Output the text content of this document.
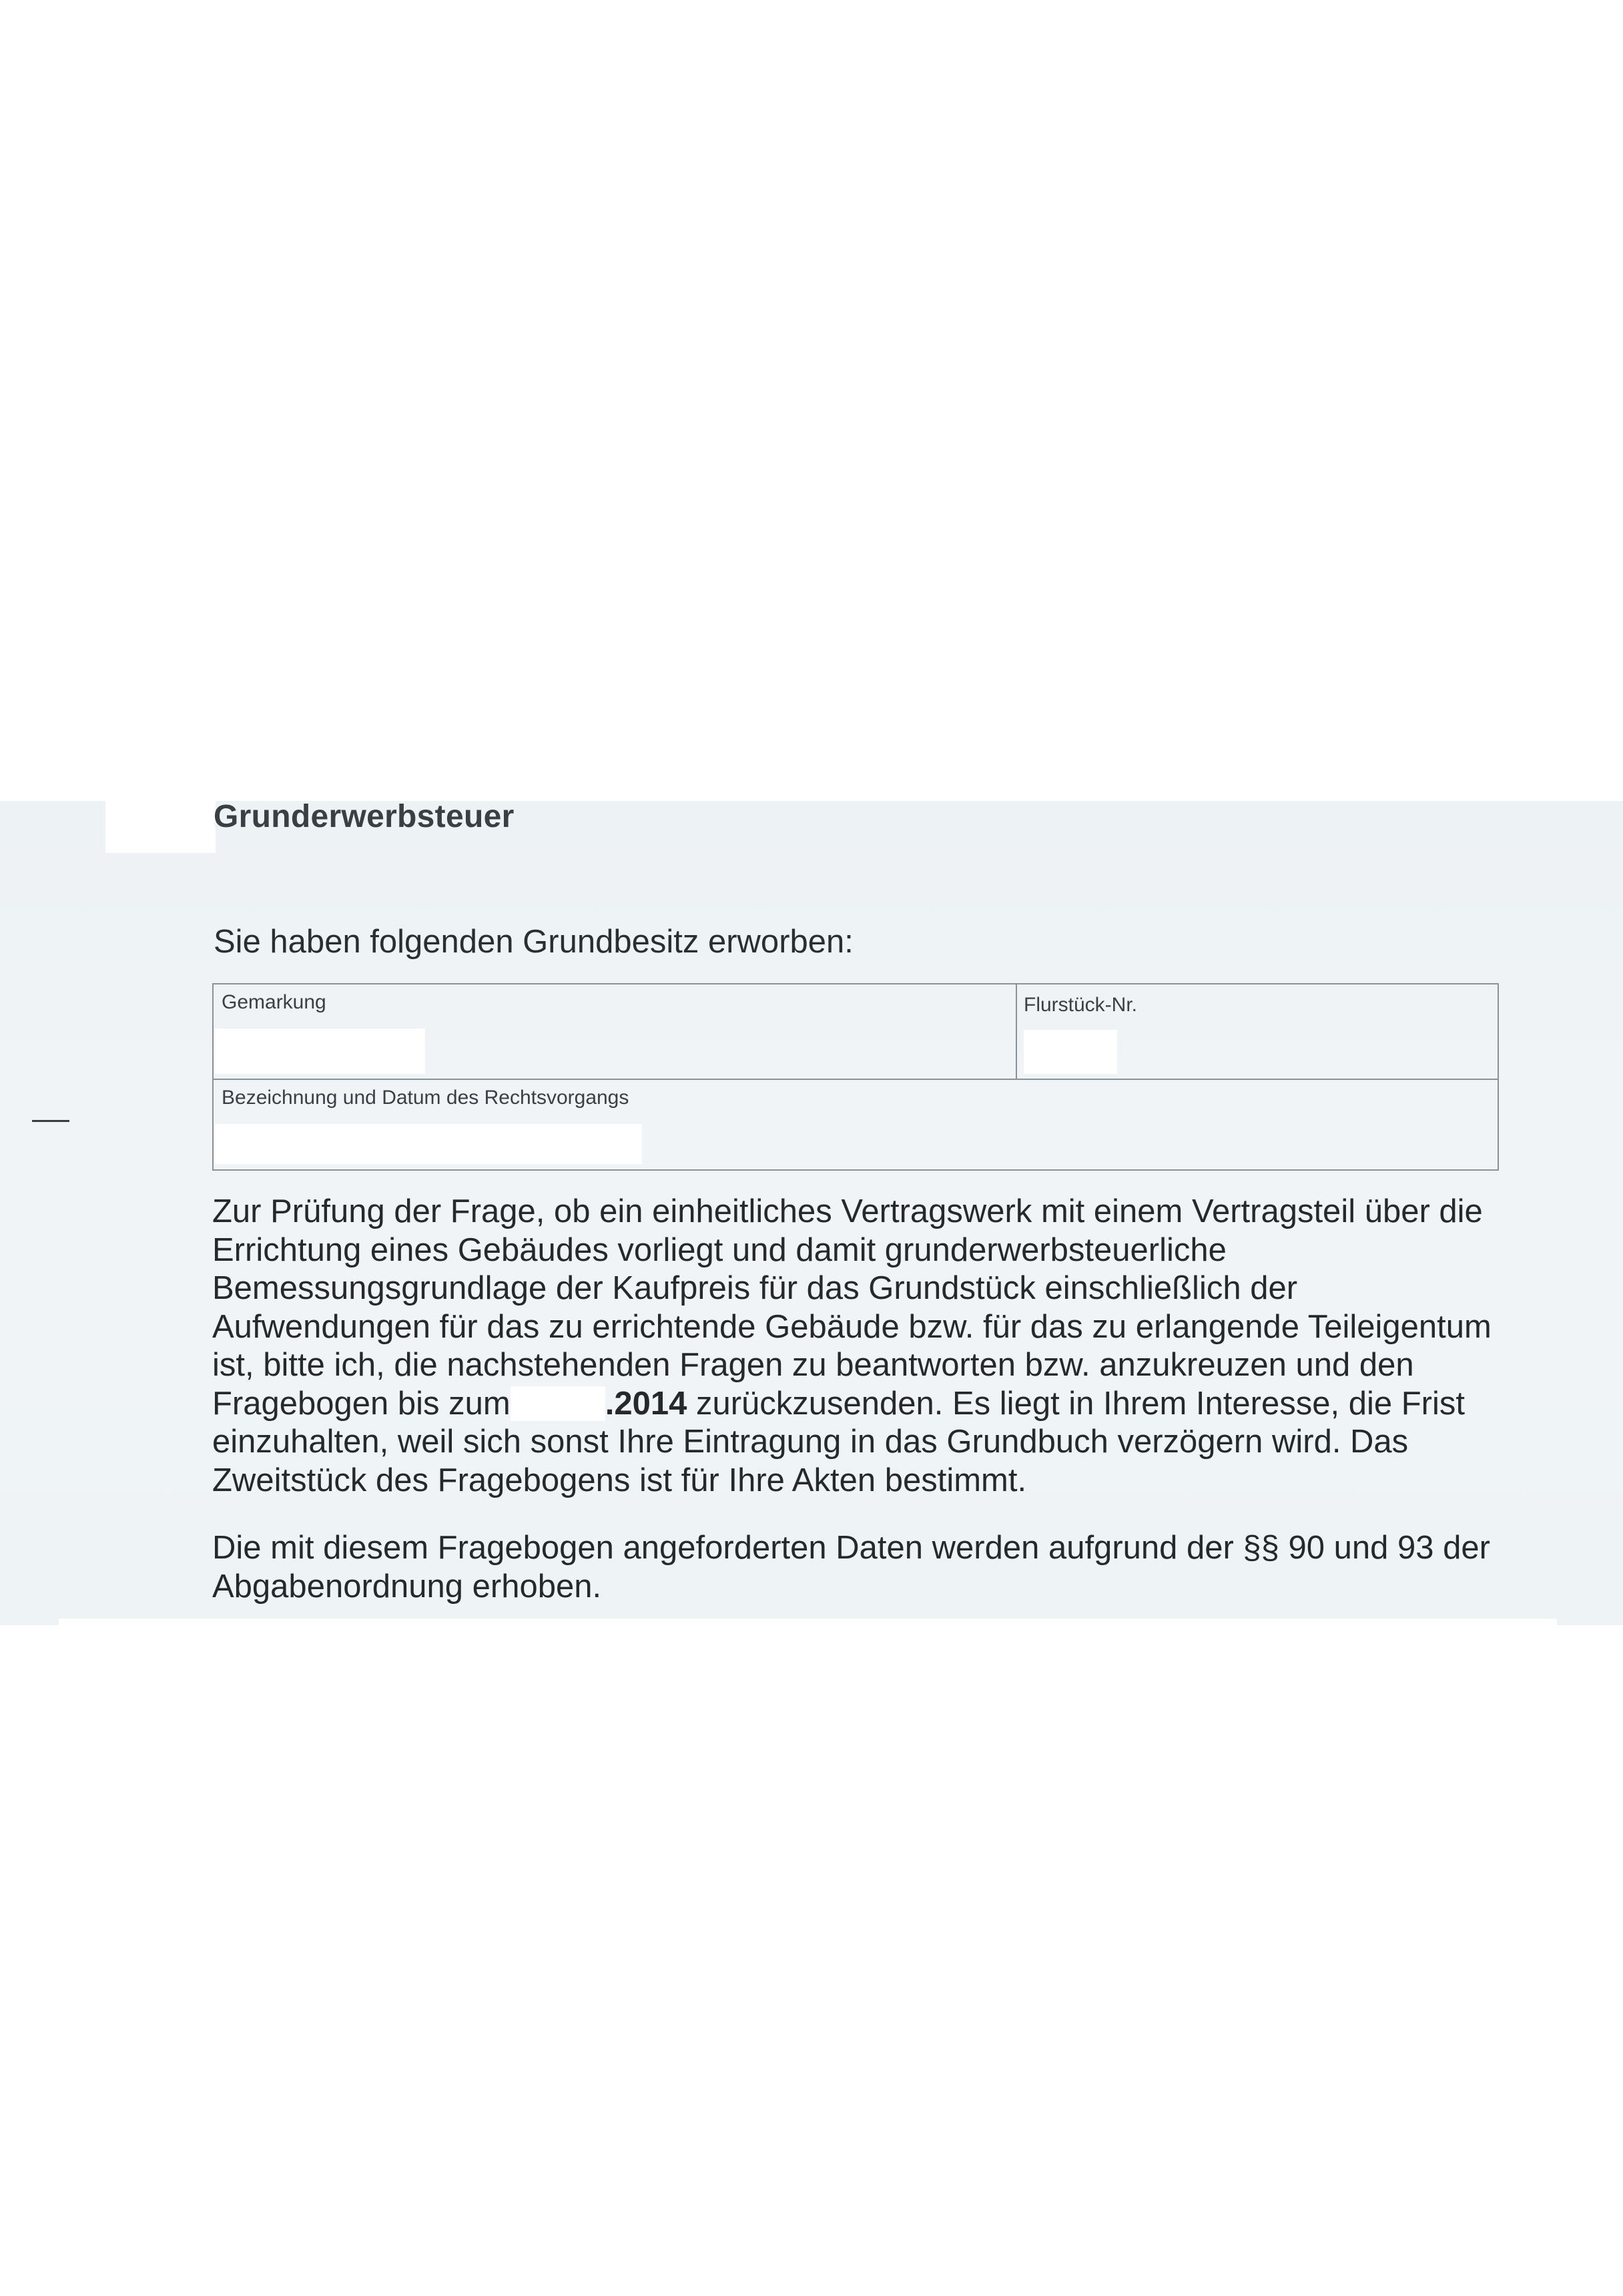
Grunderwerbsteuer

Sie haben folgenden Grundbesitz erworben:

Gemarkung	Flurstück-Nr.
Bezeichnung und Datum des Rechtsvorgangs

Zur Prüfung der Frage, ob ein einheitliches Vertragswerk mit einem Vertragsteil über die Errichtung eines Gebäudes vorliegt und damit grunderwerbsteuerliche Bemessungsgrundlage der Kaufpreis für das Grundstück einschließlich der Aufwendungen für das zu errichtende Gebäude bzw. für das zu erlangende Teileigentum ist, bitte ich, die nachstehenden Fragen zu beantworten bzw. anzukreuzen und den Fragebogen bis zum	.2014 zurückzusenden. Es liegt in Ihrem Interesse, die Frist einzuhalten, weil sich sonst Ihre Eintragung in das Grundbuch verzögern wird. Das Zweitstück des Fragebogens ist für Ihre Akten bestimmt.

Die mit diesem Fragebogen angeforderten Daten werden aufgrund der §§ 90 und 93 der Abgabenordnung erhoben.
